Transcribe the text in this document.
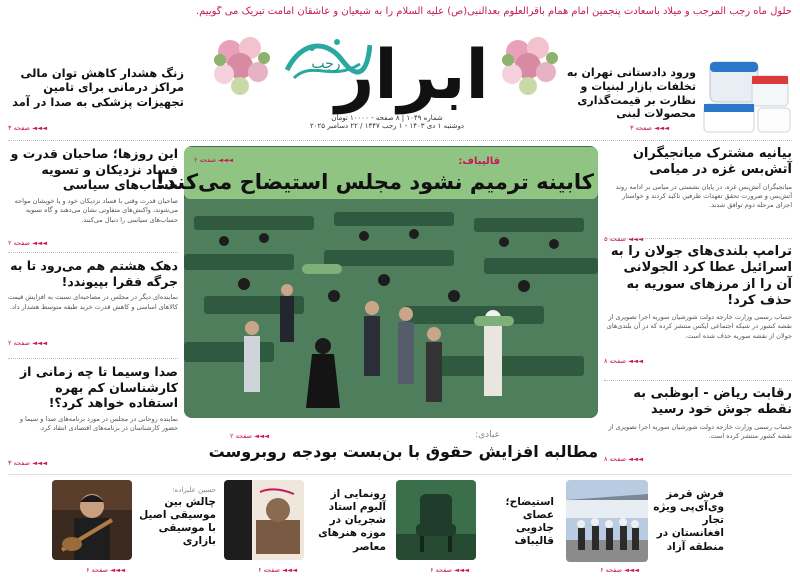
حلول ماه رجب المرجب و میلاد باسعادت پنجمین امام همام باقرالعلوم بعدالنبی(ص) علیه السلام را به شیعیان و عاشقان امامت تبریک می گوییم.
رجب
ابرار
شماره ۱۰۴۹ | ۸ صفحه - ۱۰۰۰۰ تومان
دوشنبه ۱ دی ۱۴۰۳ - ۱ رجب ۱۴۴۷ / ۲۲ دسامبر ۲۰۲۵
ورود دادستانی تهران به تخلفات بازار لبنیات و نظارت بر قیمت‌گذاری محصولات لبنی
◄◄◄ صفحه ۳
زنگ هشدار کاهش توان مالی مراکز درمانی برای تامین تجهیزات پزشکی به صدا در آمد
◄◄◄ صفحه ۳
بیانیه مشترک میانجیگران آتش‌بس غزه در میامی
میانجیگران آتش‌بس غزه، در پایان نشستی در میامی بر ادامه روند آتش‌بس و ضرورت تحقق تعهدات طرفین تاکید کردند و خواستار اجرای مرحله دوم توافق شدند.
◄◄◄ صفحه ۵
ترامپ بلندی‌های جولان را به اسرائیل عطا کرد الجولانی آن را از مرزهای سوریه به حذف کرد!
حساب رسمی وزارت خارجه دولت شورشیان سوریه اجرا تصویری از نقشه کشور در شبکه اجتماعی ایکس منتشر کرده که در آن بلندی‌های جولان از نقشه سوریه حذف شده است.
◄◄◄ صفحه ۸
رقابت ریاض - ابوظبی به نقطه جوش خود رسید
حساب رسمی وزارت خارجه دولت شورشیان سوریه اجرا تصویری از نقشه کشور منتشر کرده است.
◄◄◄ صفحه ۸
این روزها؛ صاحبان قدرت و فساد نزدیکان و تسویه حساب‌های سیاسی
صاحبان قدرت وقتی با فساد نزدیکان خود و یا خویشان مواجه می‌شوند، واکنش‌های متفاوتی نشان می‌دهند و گاه تسویه حساب‌های سیاسی را دنبال می‌کنند.
◄◄◄ صفحه ۲
دهک هشتم هم می‌رود تا به جرگه فقرا بپیوندد!
نماینده‌ای دیگر در مجلس در مصاحبه‌ای نسبت به افزایش قیمت کالاهای اساسی و کاهش قدرت خرید طبقه متوسط هشدار داد.
◄◄◄ صفحه ۲
صدا وسیما تا چه زمانی از کارشناسان کم بهره استفاده خواهد کرد؟!
نماینده روحانی در مجلس در مورد برنامه‌های صدا و سیما و حضور کارشناسان در برنامه‌های اقتصادی انتقاد کرد.
◄◄◄ صفحه ۳
قالیباف:
کابینه ترمیم نشود مجلس استیضاح می‌کند!
◄◄◄ صفحه ۲
عبادی:
مطالبه افزایش حقوق با بن‌بست بودجه روبروست
◄◄◄ صفحه ۲
فرش قرمز وی‌آی‌پی ویژه تجار افغانستان در منطقه آزاد
◄◄◄ صفحه ۶
استیضاح؛ عصای جادویی قالیباف
◄◄◄ صفحه ۶
رونمایی از آلبوم استاد شجریان در موزه هنرهای معاصر
◄◄◄ صفحه ۶
حسین علیزاده:
چالش بین موسیقی اصیل با موسیقی بازاری
◄◄◄ صفحه ۶
